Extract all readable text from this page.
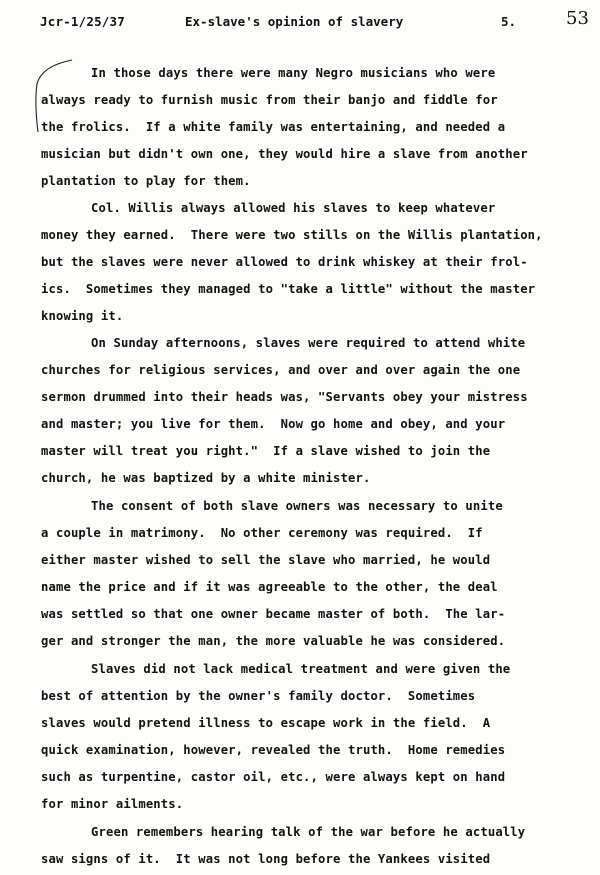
Jcr-1/25/37	Ex-slave's opinion of slavery	5.	53
In those days there were many Negro musicians who were
always ready to furnish music from their banjo and fiddle for
the frolics.  If a white family was entertaining, and needed a
musician but didn't own one, they would hire a slave from another
plantation to play for them.
Col. Willis always allowed his slaves to keep whatever
money they earned.  There were two stills on the Willis plantation,
but the slaves were never allowed to drink whiskey at their frol-
ics.  Sometimes they managed to "take a little" without the master
knowing it.
On Sunday afternoons, slaves were required to attend white
churches for religious services, and over and over again the one
sermon drummed into their heads was, "Servants obey your mistress
and master; you live for them.  Now go home and obey, and your
master will treat you right."  If a slave wished to join the
church, he was baptized by a white minister.
The consent of both slave owners was necessary to unite
a couple in matrimony.  No other ceremony was required.  If
either master wished to sell the slave who married, he would
name the price and if it was agreeable to the other, the deal
was settled so that one owner became master of both.  The lar-
ger and stronger the man, the more valuable he was considered.
Slaves did not lack medical treatment and were given the
best of attention by the owner's family doctor.  Sometimes
slaves would pretend illness to escape work in the field.  A
quick examination, however, revealed the truth.  Home remedies
such as turpentine, castor oil, etc., were always kept on hand
for minor ailments.
Green remembers hearing talk of the war before he actually
saw signs of it.  It was not long before the Yankees visited
